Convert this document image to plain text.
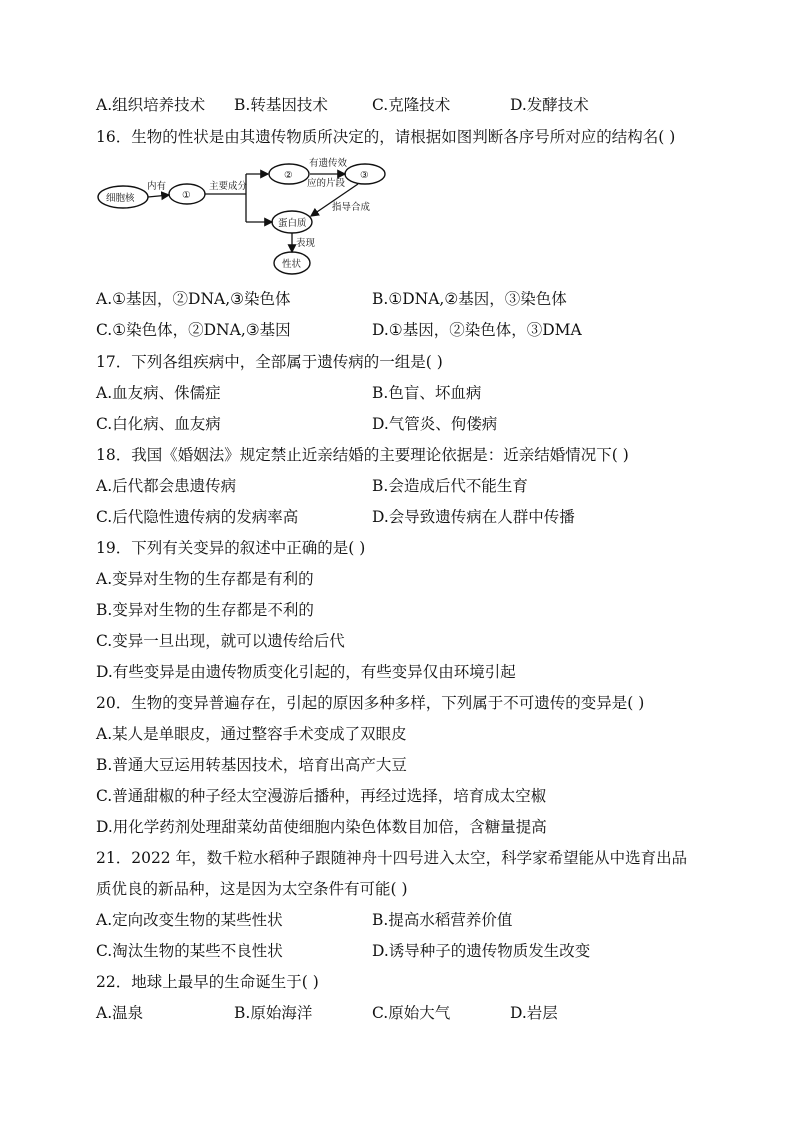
A.组织培养技术 B.转基因技术	C.克隆技术	D.发酵技术
16．生物的性状是由其遗传物质所决定的，请根据如图判断各序号所对应的结构名( )
细胞核
内有
①
主要成分
②
有遗传效
应的片段
③
指导合成
蛋白质
表现
性状
A.①基因，②DNA,③染色体	B.①DNA,②基因，③染色体
C.①染色体，②DNA,③基因	D.①基因，②染色体，③DMA
17．下列各组疾病中，全部属于遗传病的一组是( )
A.血友病、侏儒症	B.色盲、坏血病
C.白化病、血友病	D.气管炎、佝偻病
18．我国《婚姻法》规定禁止近亲结婚的主要理论依据是：近亲结婚情况下( )
A.后代都会患遗传病	B.会造成后代不能生育
C.后代隐性遗传病的发病率高	D.会导致遗传病在人群中传播
19．下列有关变异的叙述中正确的是( )
A.变异对生物的生存都是有利的
B.变异对生物的生存都是不利的
C.变异一旦出现，就可以遗传给后代
D.有些变异是由遗传物质变化引起的，有些变异仅由环境引起
20．生物的变异普遍存在，引起的原因多种多样，下列属于不可遗传的变异是( )
A.某人是单眼皮，通过整容手术变成了双眼皮
B.普通大豆运用转基因技术，培育出高产大豆
C.普通甜椒的种子经太空漫游后播种，再经过选择，培育成太空椒
D.用化学药剂处理甜菜幼苗使细胞内染色体数目加倍，含糖量提高
21．2022 年，数千粒水稻种子跟随神舟十四号进入太空，科学家希望能从中选育出品
质优良的新品种，这是因为太空条件有可能( )
A.定向改变生物的某些性状	B.提高水稻营养价值
C.淘汰生物的某些不良性状	D.诱导种子的遗传物质发生改变
22．地球上最早的生命诞生于( )
A.温泉	B.原始海洋	C.原始大气	D.岩层
